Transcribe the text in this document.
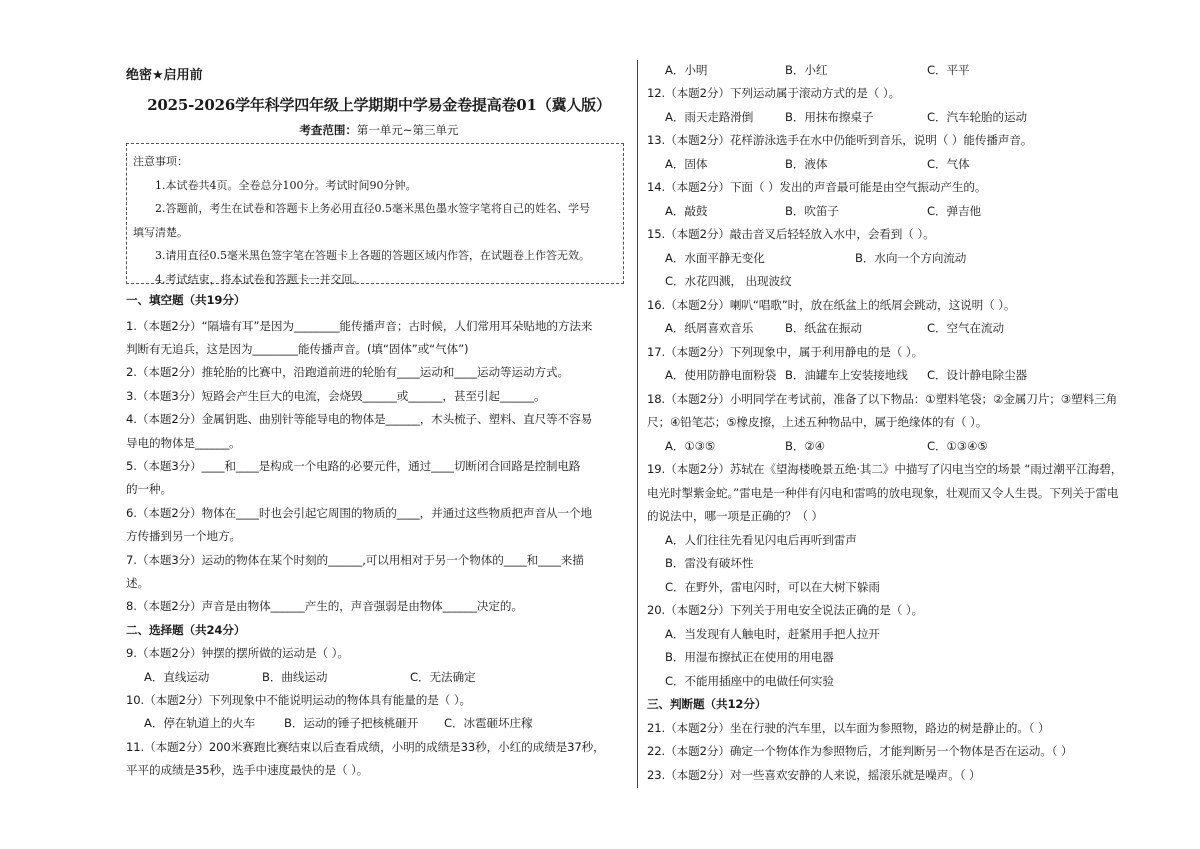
绝密★启用前
2025-2026学年科学四年级上学期期中学易金卷提高卷01（冀人版）
考查范围：第一单元~第三单元
注意事项：
1.本试卷共4页。全卷总分100分。考试时间90分钟。
2.答题前，考生在试卷和答题卡上务必用直径0.5毫米黑色墨水签字笔将自己的姓名、学号
填写清楚。
3.请用直径0.5毫米黑色签字笔在答题卡上各题的答题区域内作答，在试题卷上作答无效。
4.考试结束，将本试卷和答题卡一并交回。
一、填空题（共19分）
1.（本题2分）“隔墙有耳”是因为________能传播声音；古时候，人们常用耳朵贴地的方法来
判断有无追兵，这是因为________能传播声音。(填“固体”或“气体”)
2.（本题2分）推轮胎的比赛中，沿跑道前进的轮胎有____运动和____运动等运动方式。
3.（本题3分）短路会产生巨大的电流，会烧毁______或______，甚至引起______。
4.（本题2分）金属钥匙、曲别针等能导电的物体是______，木头梳子、塑料、直尺等不容易
导电的物体是______。
5.（本题3分）____和____是构成一个电路的必要元件，通过____切断闭合回路是控制电路
的一种。
6.（本题2分）物体在____时也会引起它周围的物质的____，并通过这些物质把声音从一个地
方传播到另一个地方。
7.（本题3分）运动的物体在某个时刻的______,可以用相对于另一个物体的____和____来描
述。
8.（本题2分）声音是由物体______产生的，声音强弱是由物体______决定的。
二、选择题（共24分）
9.（本题2分）钟摆的摆所做的运动是（ ）。
A．直线运动	B．曲线运动	C．无法确定
10.（本题2分）下列现象中不能说明运动的物体具有能量的是（ ）。
A．停在轨道上的火车 B．运动的锤子把核桃砸开 C．冰雹砸坏庄稼
11.（本题2分）200米赛跑比赛结束以后查看成绩，小明的成绩是33秒，小红的成绩是37秒，
平平的成绩是35秒，选手中速度最快的是（ ）。
A．小明	B．小红	C．平平
12.（本题2分）下列运动属于滚动方式的是（ ）。
A．雨天走路滑倒	B．用抹布擦桌子	C．汽车轮胎的运动
13.（本题2分）花样游泳选手在水中仍能听到音乐，说明（ ）能传播声音。
A．固体	B．液体	C．气体
14.（本题2分）下面（ ）发出的声音最可能是由空气振动产生的。
A．敲鼓	B．吹笛子	C．弹吉他
15.（本题2分）敲击音叉后轻轻放入水中，会看到（ ）。
A．水面平静无变化	B．水向一个方向流动
C．水花四溅， 出现波纹
16.（本题2分）喇叭“唱歌”时，放在纸盆上的纸屑会跳动，这说明（ ）。
A．纸屑喜欢音乐	B．纸盆在振动	C．空气在流动
17.（本题2分）下列现象中，属于利用静电的是（ ）。
A．使用防静电面粉袋 B．油罐车上安装接地线 C．设计静电除尘器
18.（本题2分）小明同学在考试前，准备了以下物品：①塑料笔袋；②金属刀片；③塑料三角
尺；④铅笔芯；⑤橡皮擦，上述五种物品中，属于绝缘体的有（ ）。
A．①③⑤	B．②④	C．①③④⑤
19.（本题2分）苏轼在《望海楼晚景五绝·其二》中描写了闪电当空的场景 “雨过潮平江海碧，
电光时掣紫金蛇。”雷电是一种伴有闪电和雷鸣的放电现象，壮观而又令人生畏。下列关于雷电
的说法中，哪一项是正确的？（ ）
A．人们往往先看见闪电后再听到雷声
B．雷没有破坏性
C．在野外，雷电闪时，可以在大树下躲雨
20.（本题2分）下列关于用电安全说法正确的是（ ）。
A．当发现有人触电时，赶紧用手把人拉开
B．用湿布擦拭正在使用的用电器
C．不能用插座中的电做任何实验
三、判断题（共12分）
21.（本题2分）坐在行驶的汽车里，以车面为参照物，路边的树是静止的。（ ）
22.（本题2分）确定一个物体作为参照物后，才能判断另一个物体是否在运动。（ ）
23.（本题2分）对一些喜欢安静的人来说，摇滚乐就是噪声。（ ）
